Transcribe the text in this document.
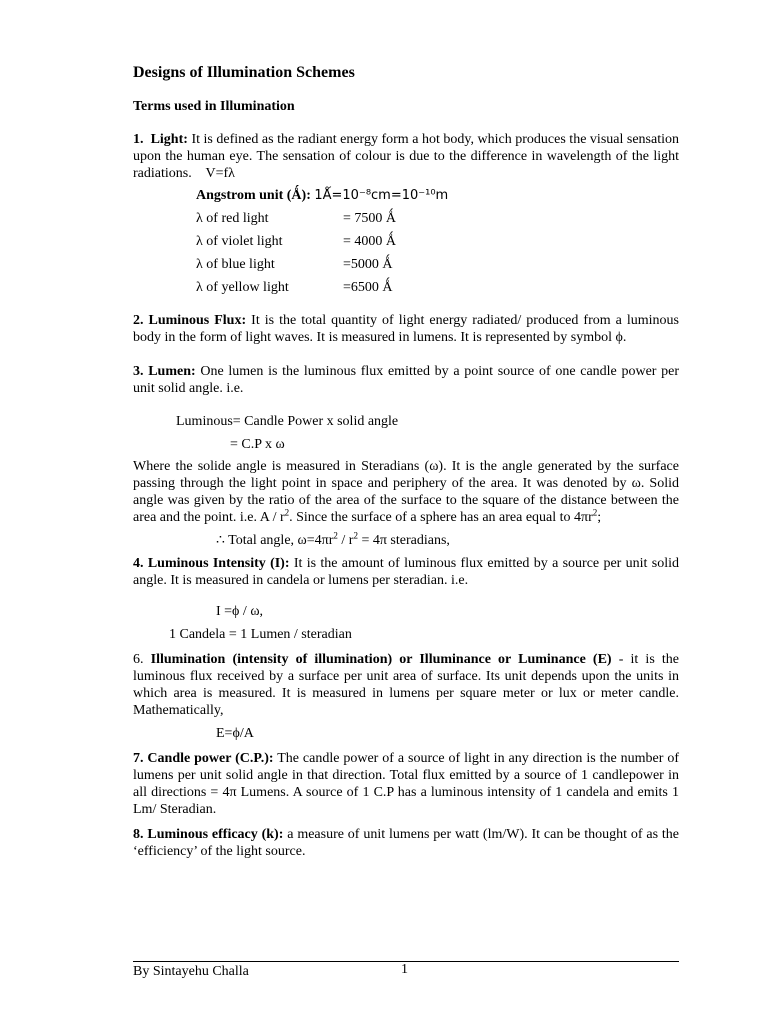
Designs of Illumination Schemes
Terms used in Illumination
1. Light: It is defined as the radiant energy form a hot body, which produces the visual sensation upon the human eye. The sensation of colour is due to the difference in wavelength of the light radiations. V=fλ
Angstrom unit (Ǻ): 1Ǻ=10⁻⁸cm=10⁻¹⁰m
λ of red light	= 7500 Ǻ
λ of violet light	= 4000 Ǻ
λ of blue light	=5000 Ǻ
λ of yellow light	=6500 Ǻ
2. Luminous Flux: It is the total quantity of light energy radiated/ produced from a luminous body in the form of light waves. It is measured in lumens. It is represented by symbol ϕ.
3. Lumen: One lumen is the luminous flux emitted by a point source of one candle power per unit solid angle. i.e.
Luminous= Candle Power x solid angle
= C.P x ω
Where the solide angle is measured in Steradians (ω). It is the angle generated by the surface passing through the light point in space and periphery of the area. It was denoted by ω. Solid angle was given by the ratio of the area of the surface to the square of the distance between the area and the point. i.e. A / $r^2$. Since the surface of a sphere has an area equal to $4\pi r^2$;
∴ Total angle, $\omega=4\pi r^2 / r^2 = 4\pi$ steradians,
4. Luminous Intensity (I): It is the amount of luminous flux emitted by a source per unit solid angle. It is measured in candela or lumens per steradian. i.e.
I =ϕ / ω,
1 Candela = 1 Lumen / steradian
6. Illumination (intensity of illumination) or Illuminance or Luminance (E) - it is the luminous flux received by a surface per unit area of surface. Its unit depends upon the units in which area is measured. It is measured in lumens per square meter or lux or meter candle. Mathematically,
E=ϕ/A
7. Candle power (C.P.): The candle power of a source of light in any direction is the number of lumens per unit solid angle in that direction. Total flux emitted by a source of 1 candlepower in all directions = 4π Lumens. A source of 1 C.P has a luminous intensity of 1 candela and emits 1 Lm/ Steradian.
8. Luminous efficacy (k): a measure of unit lumens per watt (lm/W). It can be thought of as the ‘efficiency’ of the light source.
By Sintayehu Challa	1
